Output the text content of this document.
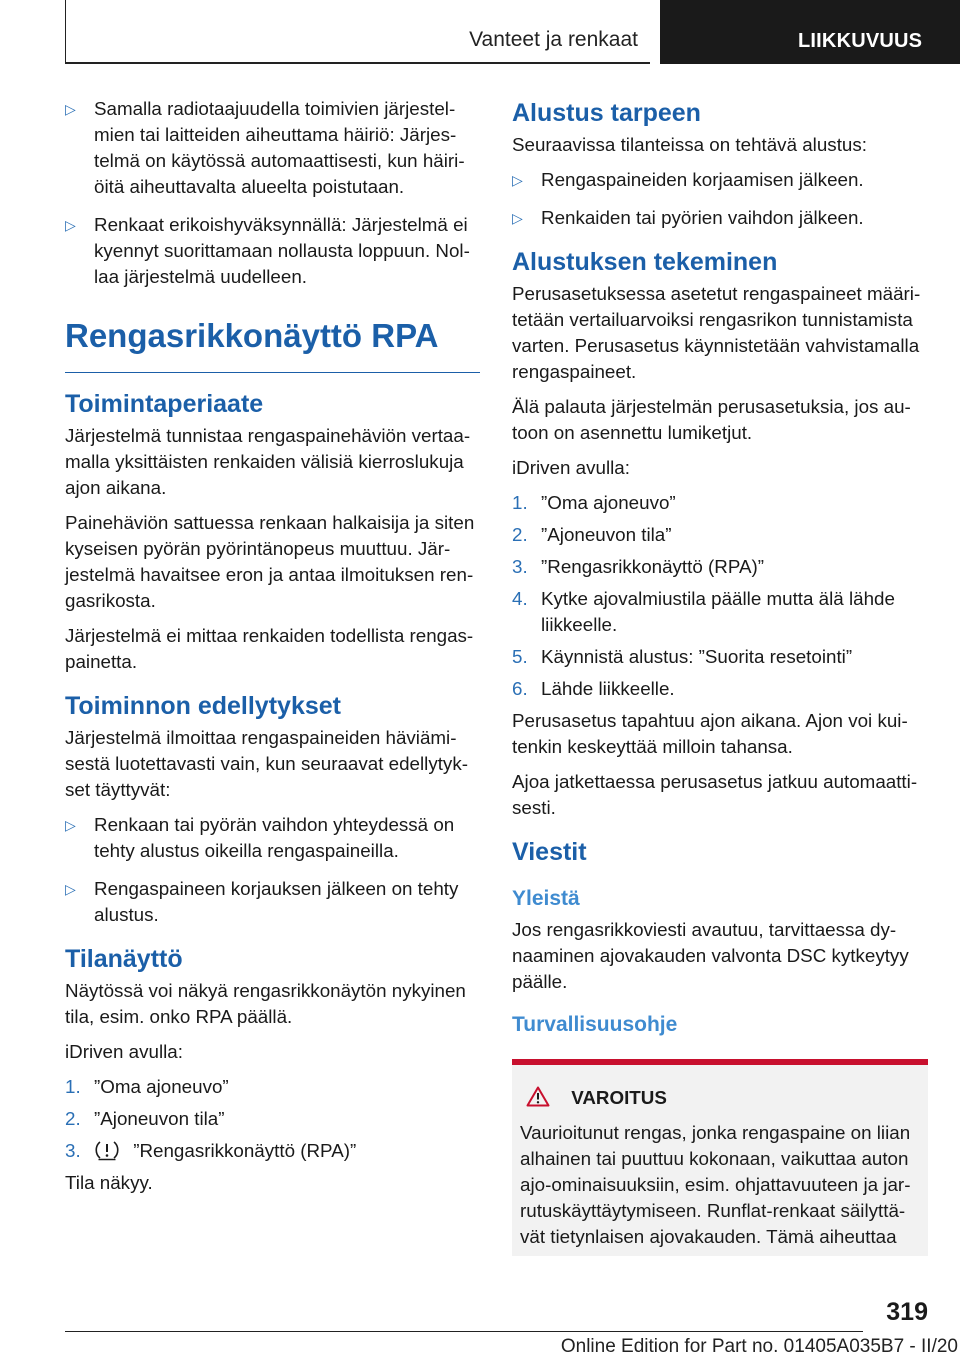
Vanteet ja renkaat	LIIKKUVUUS
▷ Samalla radiotaajuudella toimivien järjestelmien tai laitteiden aiheuttama häiriö: Järjestelmä on käytössä automaattisesti, kun häiriöitä aiheuttavalta alueelta poistutaan.
▷ Renkaat erikoishyväksynnällä: Järjestelmä ei kyennyt suorittamaan nollausta loppuun. Nollaa järjestelmä uudelleen.
Rengasrikkonäyttö RPA
Toimintaperiaate

Järjestelmä tunnistaa rengaspainehäviön vertaamalla yksittäisten renkaiden välisiä kierroslukuja ajon aikana.

Painehäviön sattuessa renkaan halkaisija ja siten kyseisen pyörän pyörintänopeus muuttuu. Järjestelmä havaitsee eron ja antaa ilmoituksen rengasrikosta.

Järjestelmä ei mittaa renkaiden todellista rengaspainetta.

Toiminnon edellytykset

Järjestelmä ilmoittaa rengaspaineiden häviämisestä luotettavasti vain, kun seuraavat edellytykset täyttyvät:

▷ Renkaan tai pyörän vaihdon yhteydessä on tehty alustus oikeilla rengaspaineilla.
▷ Rengaspaineen korjauksen jälkeen on tehty alustus.
Tilanäyttö

Näytössä voi näkyä rengasrikkonäytön nykyinen tila, esim. onko RPA päällä.

iDriven avulla:

1. ”Oma ajoneuvo”
2. ”Ajoneuvon tila”
3.	”Rengasrikkonäyttö (RPA)”

Tila näkyy.

Alustus tarpeen

Seuraavissa tilanteissa on tehtävä alustus:

▷ Rengaspaineiden korjaamisen jälkeen.
▷ Renkaiden tai pyörien vaihdon jälkeen.
Alustuksen tekeminen

Perusasetuksessa asetetut rengaspaineet määritetään vertailuarvoiksi rengasrikon tunnistamista varten. Perusasetus käynnistetään vahvistamalla rengaspaineet.

Älä palauta järjestelmän perusasetuksia, jos autoon on asennettu lumiketjut.

iDriven avulla:

1. ”Oma ajoneuvo”
2. ”Ajoneuvon tila”
3. ”Rengasrikkonäyttö (RPA)”
4. Kytke ajovalmiustila päälle mutta älä lähde liikkeelle.
5. Käynnistä alustus: ”Suorita resetointi”
6. Lähde liikkeelle.

Perusasetus tapahtuu ajon aikana. Ajon voi kuitenkin keskeyttää milloin tahansa.

Ajoa jatkettaessa perusasetus jatkuu automaattisesti.

Viestit
Yleistä

Jos rengasrikkoviesti avautuu, tarvittaessa dynaaminen ajovakauden valvonta DSC kytkeytyy päälle.

Turvallisuusohje
VAROITUS

Vaurioitunut rengas, jonka rengaspaine on liian alhainen tai puuttuu kokonaan, vaikuttaa auton ajo-ominaisuuksiin, esim. ohjattavuuteen ja jarrutuskäyttäytymiseen. Runflat-renkaat säilyttävät tietynlaisen ajovakauden. Tämä aiheuttaa

319
Online Edition for Part no. 01405A035B7 - II/20
